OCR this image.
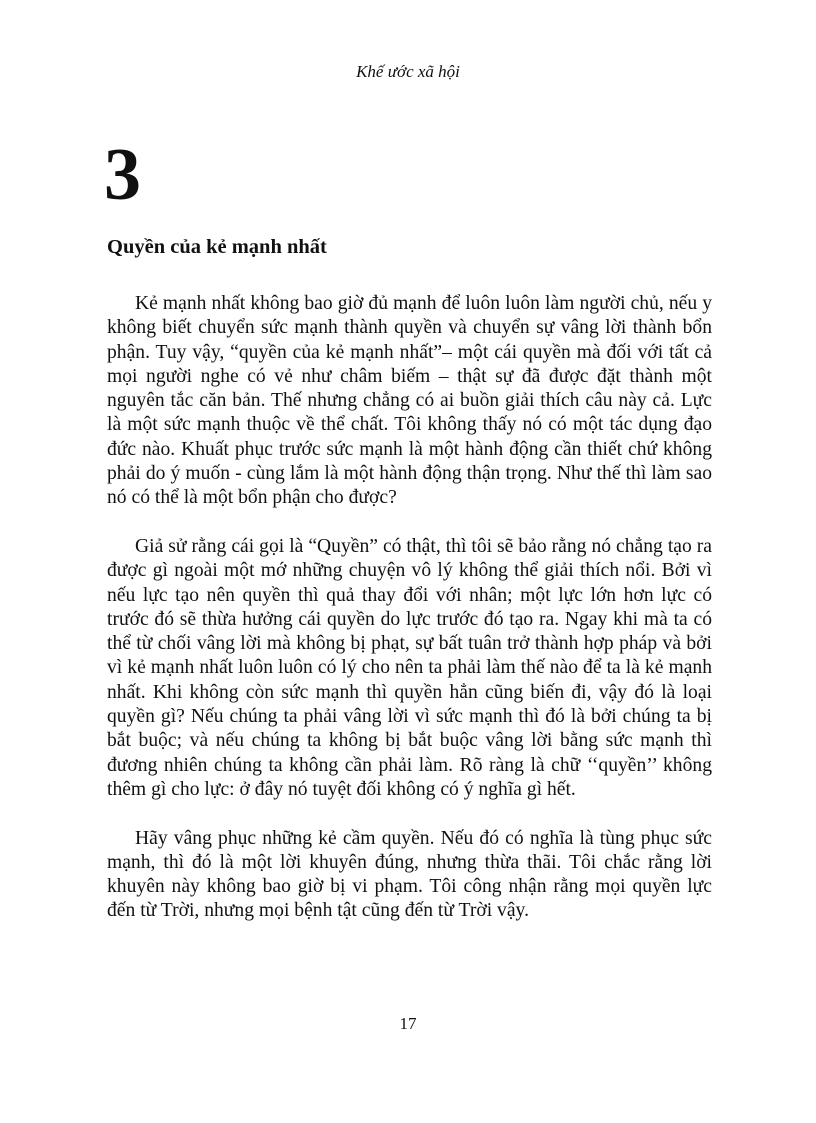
Khế ước xã hội
3
Quyền của kẻ mạnh nhất

Kẻ mạnh nhất không bao giờ đủ mạnh để luôn luôn làm người chủ, nếu y không biết chuyển sức mạnh thành quyền và chuyển sự vâng lời thành bổn phận. Tuy vậy, “quyền của kẻ mạnh nhất”– một cái quyền mà đối với tất cả mọi người nghe có vẻ như châm biếm – thật sự đã được đặt thành một nguyên tắc căn bản. Thế nhưng chẳng có ai buồn giải thích câu này cả. Lực là một sức mạnh thuộc về thể chất. Tôi không thấy nó có một tác dụng đạo đức nào. Khuất phục trước sức mạnh là một hành động cần thiết chứ không phải do ý muốn - cùng lắm là một hành động thận trọng. Như thế thì làm sao nó có thể là một bổn phận cho được?

Giả sử rằng cái gọi là “Quyền” có thật, thì tôi sẽ bảo rằng nó chẳng tạo ra được gì ngoài một mớ những chuyện vô lý không thể giải thích nổi. Bởi vì nếu lực tạo nên quyền thì quả thay đổi với nhân; một lực lớn hơn lực có trước đó sẽ thừa hưởng cái quyền do lực trước đó tạo ra. Ngay khi mà ta có thể từ chối vâng lời mà không bị phạt, sự bất tuân trở thành hợp pháp và bởi vì kẻ mạnh nhất luôn luôn có lý cho nên ta phải làm thế nào để ta là kẻ mạnh nhất. Khi không còn sức mạnh thì quyền hẳn cũng biến đi, vậy đó là loại quyền gì? Nếu chúng ta phải vâng lời vì sức mạnh thì đó là bởi chúng ta bị bắt buộc; và nếu chúng ta không bị bắt buộc vâng lời bằng sức mạnh thì đương nhiên chúng ta không cần phải làm. Rõ ràng là chữ ‘‘quyền’’ không thêm gì cho lực: ở đây nó tuyệt đối không có ý nghĩa gì hết.

Hãy vâng phục những kẻ cầm quyền. Nếu đó có nghĩa là tùng phục sức mạnh, thì đó là một lời khuyên đúng, nhưng thừa thãi. Tôi chắc rằng lời khuyên này không bao giờ bị vi phạm. Tôi công nhận rằng mọi quyền lực đến từ Trời, nhưng mọi bệnh tật cũng đến từ Trời vậy.

17
